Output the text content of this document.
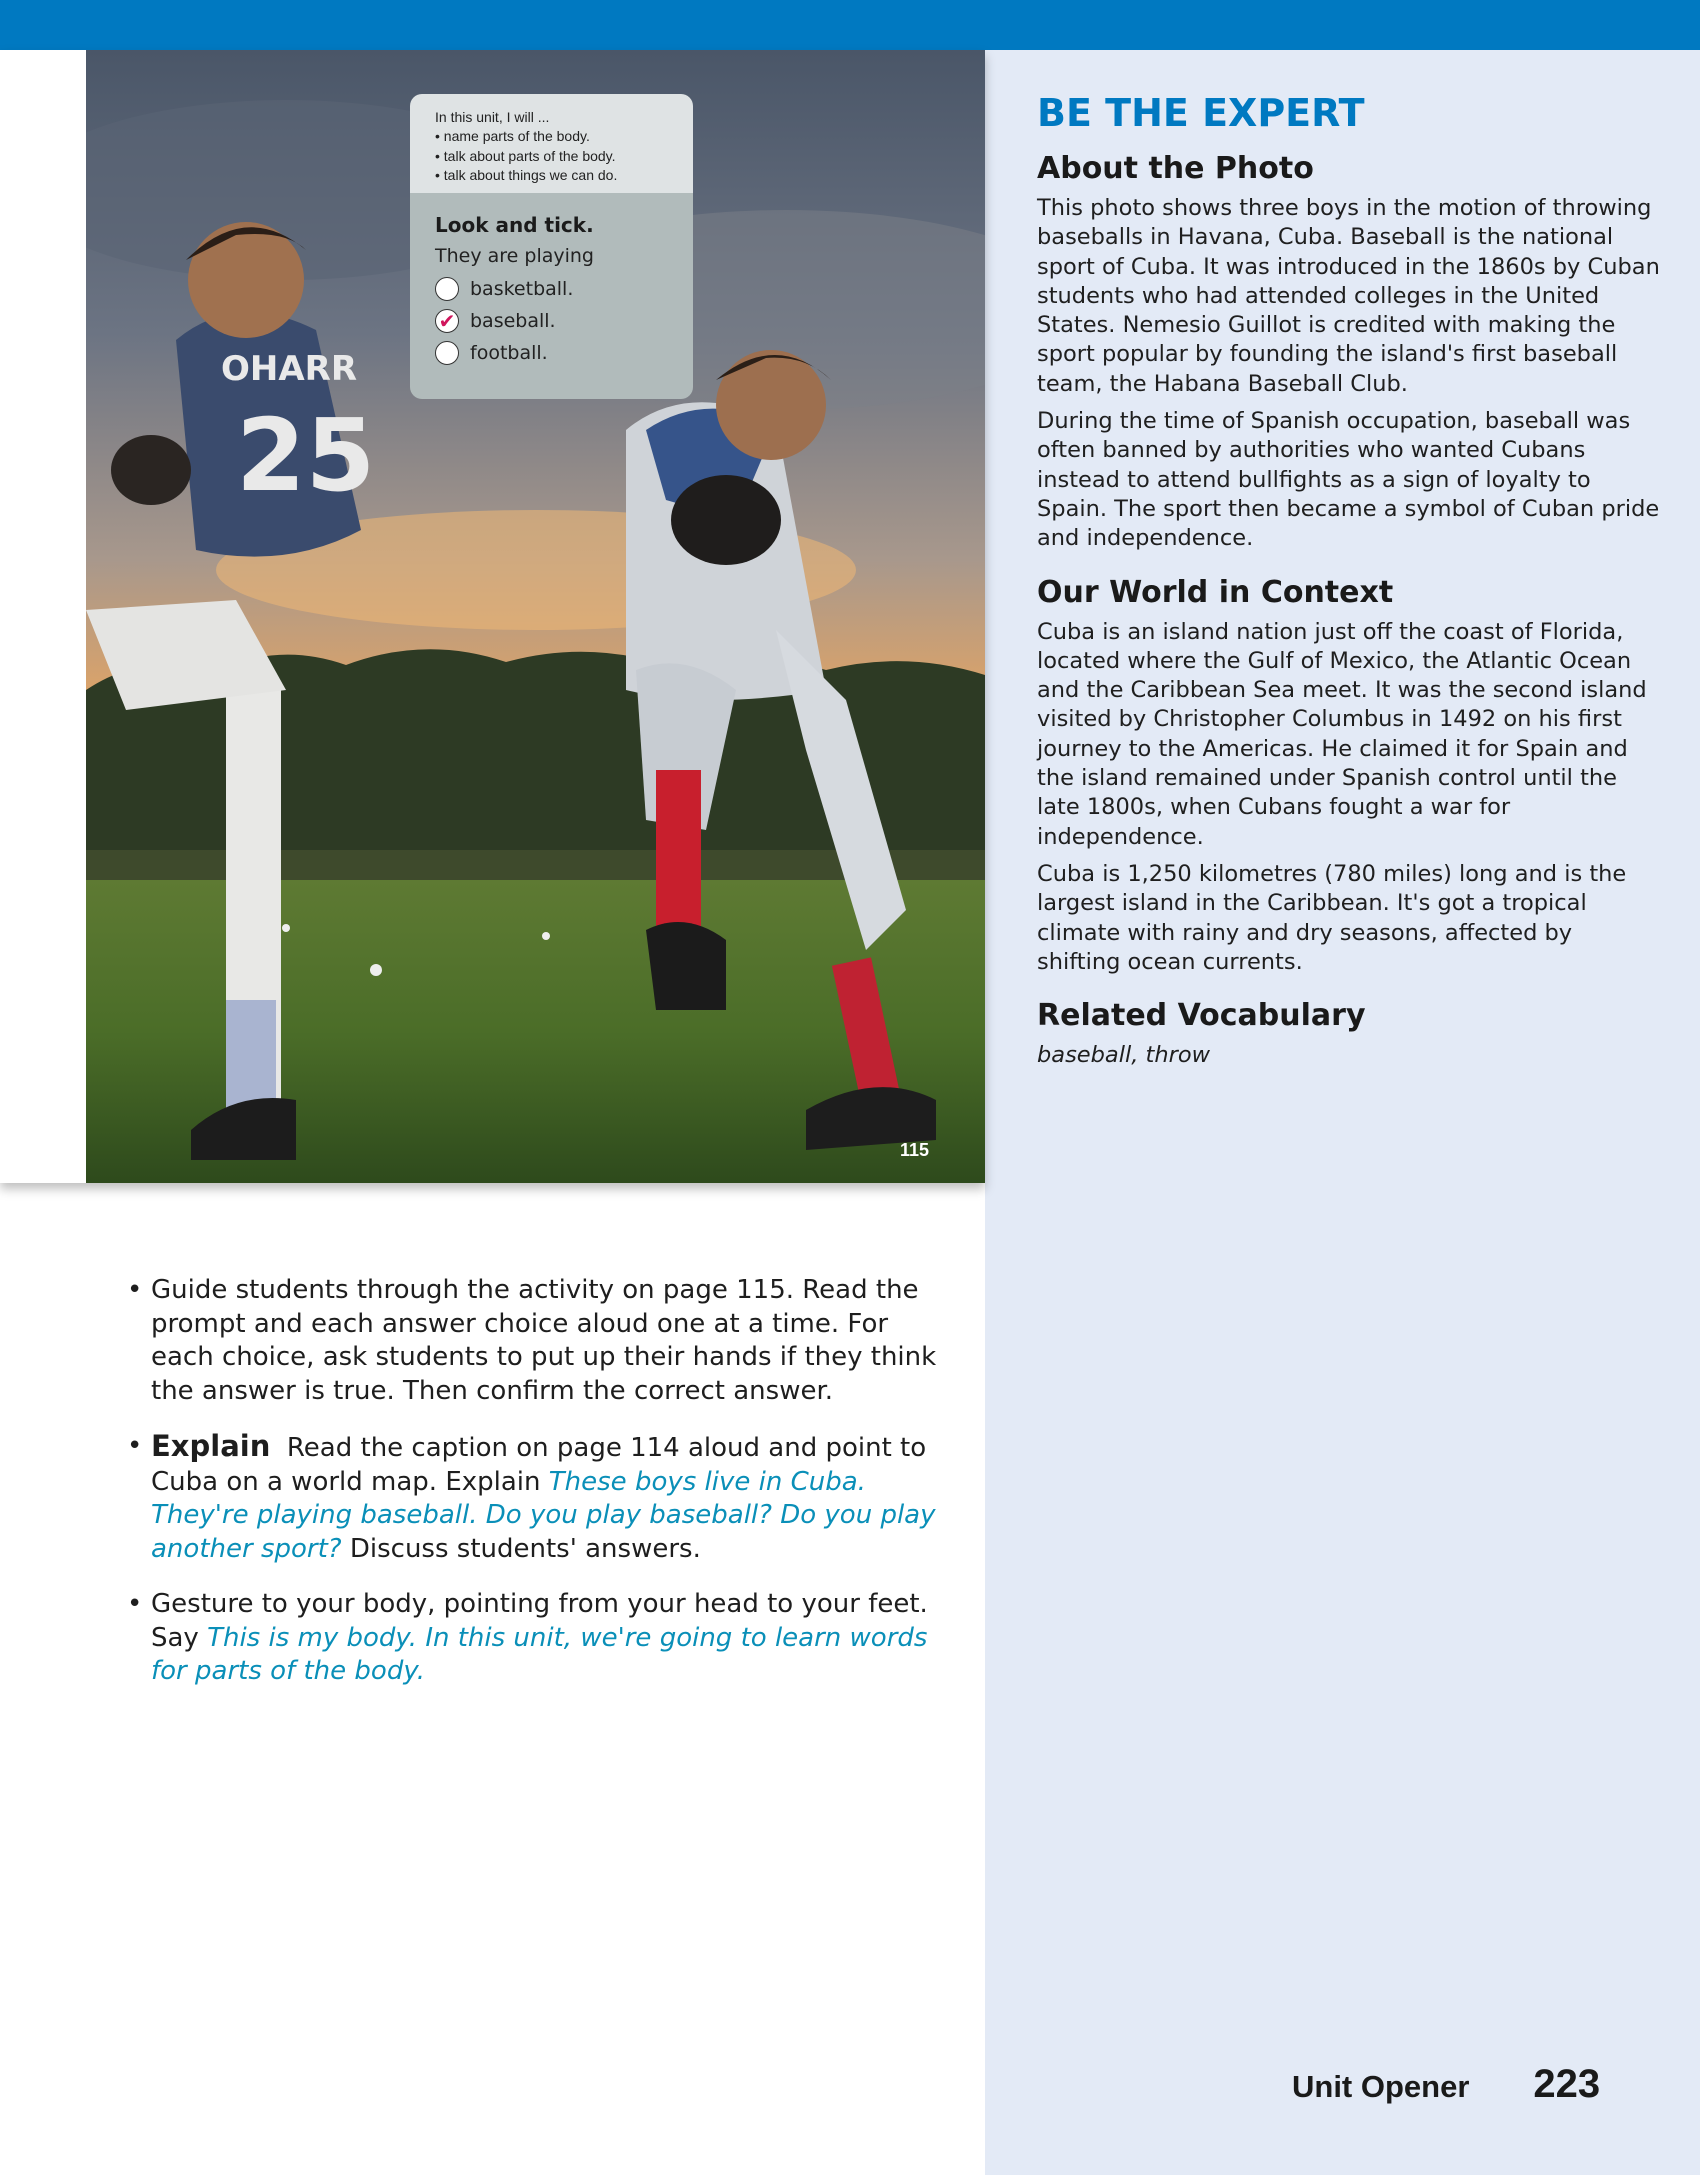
OHARR
25
115
In this unit, I will ...
• name parts of the body.
• talk about parts of the body.
• talk about things we can do.
Look and tick.
They are playing
basketball.
✔ baseball.
football.
• Guide students through the activity on page 115. Read the prompt and each answer choice aloud one at a time. For each choice, ask students to put up their hands if they think the answer is true. Then confirm the correct answer.
• Explain Read the caption on page 114 aloud and point to Cuba on a world map. Explain These boys live in Cuba. They're playing baseball. Do you play baseball? Do you play another sport? Discuss students' answers.
• Gesture to your body, pointing from your head to your feet. Say This is my body. In this unit, we're going to learn words for parts of the body.
BE THE EXPERT
About the Photo

This photo shows three boys in the motion of throwing baseballs in Havana, Cuba. Baseball is the national sport of Cuba. It was introduced in the 1860s by Cuban students who had attended colleges in the United States. Nemesio Guillot is credited with making the sport popular by founding the island's first baseball team, the Habana Baseball Club.

During the time of Spanish occupation, baseball was often banned by authorities who wanted Cubans instead to attend bullfights as a sign of loyalty to Spain. The sport then became a symbol of Cuban pride and independence.

Our World in Context

Cuba is an island nation just off the coast of Florida, located where the Gulf of Mexico, the Atlantic Ocean and the Caribbean Sea meet. It was the second island visited by Christopher Columbus in 1492 on his first journey to the Americas. He claimed it for Spain and the island remained under Spanish control until the late 1800s, when Cubans fought a war for independence.

Cuba is 1,250 kilometres (780 miles) long and is the largest island in the Caribbean. It's got a tropical climate with rainy and dry seasons, affected by shifting ocean currents.

Related Vocabulary

baseball, throw

Unit Opener 223
